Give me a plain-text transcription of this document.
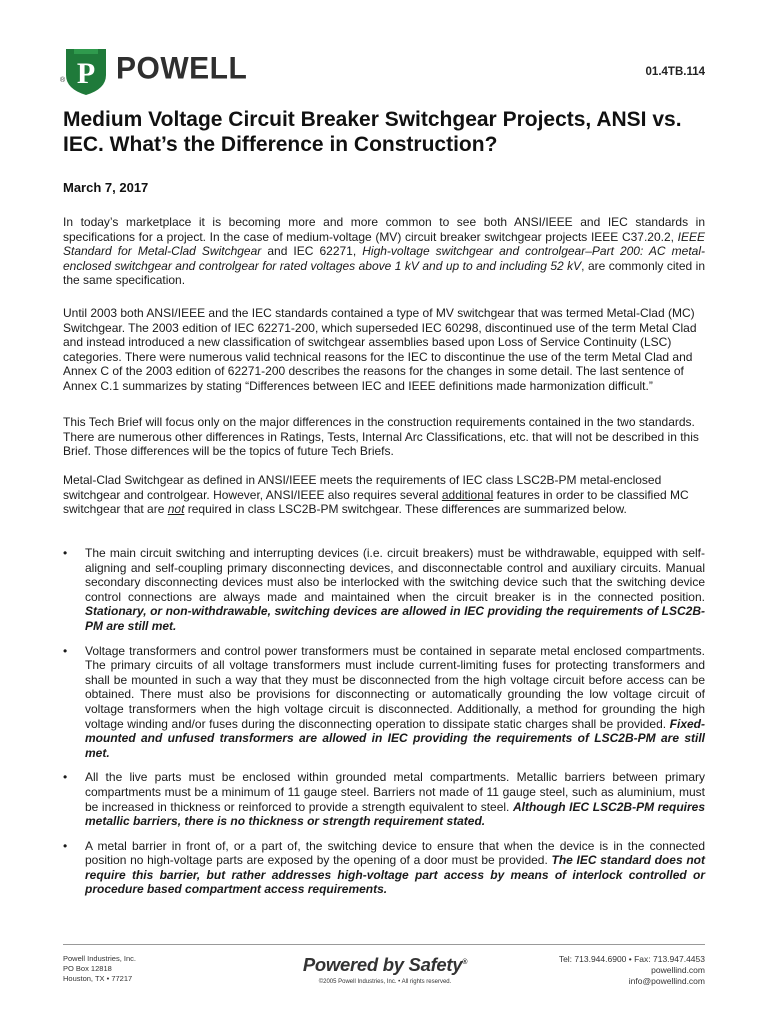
P
® POWELL	01.4TB.114
Medium Voltage Circuit Breaker Switchgear Projects, ANSI vs. IEC. What’s the Difference in Construction?
March 7, 2017

In today’s marketplace it is becoming more and more common to see both ANSI/IEEE and IEC standards in specifications for a project. In the case of medium-voltage (MV) circuit breaker switchgear projects IEEE C37.20.2, IEEE Standard for Metal-Clad Switchgear and IEC 62271, High-voltage switchgear and controlgear–Part 200: AC metal-enclosed switchgear and controlgear for rated voltages above 1 kV and up to and including 52 kV, are commonly cited in the same specification.

Until 2003 both ANSI/IEEE and the IEC standards contained a type of MV switchgear that was termed Metal-Clad (MC) Switchgear. The 2003 edition of IEC 62271-200, which superseded IEC 60298, discontinued use of the term Metal Clad and instead introduced a new classification of switchgear assemblies based upon Loss of Service Continuity (LSC) categories. There were numerous valid technical reasons for the IEC to discontinue the use of the term Metal Clad and Annex C of the 2003 edition of 62271-200 describes the reasons for the changes in some detail. The last sentence of Annex C.1 summarizes by stating “Differences between IEC and IEEE definitions made harmonization difficult.”

This Tech Brief will focus only on the major differences in the construction requirements contained in the two standards. There are numerous other differences in Ratings, Tests, Internal Arc Classifications, etc. that will not be described in this Brief. Those differences will be the topics of future Tech Briefs.

Metal-Clad Switchgear as defined in ANSI/IEEE meets the requirements of IEC class LSC2B-PM metal-enclosed switchgear and controlgear. However, ANSI/IEEE also requires several additional features in order to be classified MC switchgear that are not required in class LSC2B-PM switchgear. These differences are summarized below.

• The main circuit switching and interrupting devices (i.e. circuit breakers) must be withdrawable, equipped with self-aligning and self-coupling primary disconnecting devices, and disconnectable control and auxiliary circuits. Manual secondary disconnecting devices must also be interlocked with the switching device such that the switching device control connections are always made and maintained when the circuit breaker is in the connected position. Stationary, or non-withdrawable, switching devices are allowed in IEC providing the requirements of LSC2B-PM are still met.
• Voltage transformers and control power transformers must be contained in separate metal enclosed compartments. The primary circuits of all voltage transformers must include current-limiting fuses for protecting transformers and shall be mounted in such a way that they must be disconnected from the high voltage circuit before access can be obtained. There must also be provisions for disconnecting or automatically grounding the low voltage circuit of voltage transformers when the high voltage circuit is disconnected. Additionally, a method for grounding the high voltage winding and/or fuses during the disconnecting operation to dissipate static charges shall be provided. Fixed-mounted and unfused transformers are allowed in IEC providing the requirements of LSC2B-PM are still met.
• All the live parts must be enclosed within grounded metal compartments. Metallic barriers between primary compartments must be a minimum of 11 gauge steel. Barriers not made of 11 gauge steel, such as aluminium, must be increased in thickness or reinforced to provide a strength equivalent to steel. Although IEC LSC2B-PM requires metallic barriers, there is no thickness or strength requirement stated.
• A metal barrier in front of, or a part of, the switching device to ensure that when the device is in the connected position no high-voltage parts are exposed by the opening of a door must be provided. The IEC standard does not require this barrier, but rather addresses high-voltage part access by means of interlock controlled or procedure based compartment access requirements.
Powell Industries, Inc.
PO Box 12818
Houston, TX • 77217
Powered by Safety®
©2005 Powell Industries, Inc. • All rights reserved.
Tel: 713.944.6900 • Fax: 713.947.4453
powellind.com
info@powellind.com
